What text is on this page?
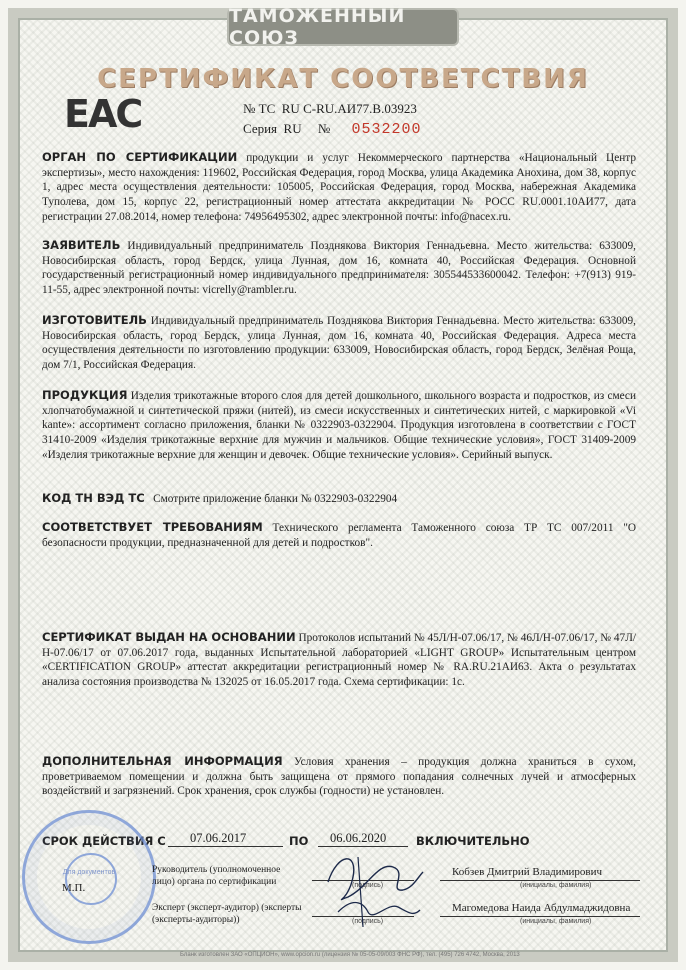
ТАМОЖЕННЫЙ СОЮЗ
СЕРТИФИКАТ СООТВЕТСТВИЯ
ЕАС	№ ТС RU C-RU.АИ77.В.03923
Серия RU № 0532200
ОРГАН ПО СЕРТИФИКАЦИИ продукции и услуг Некоммерческого партнерства «Национальный Центр экспертизы», место нахождения: 119602, Российская Федерация, город Москва, улица Академика Анохина, дом 38, корпус 1, адрес места осуществления деятельности: 105005, Российская Федерация, город Москва, набережная Академика Туполева, дом 15, корпус 22, регистрационный номер аттестата аккредитации № РОСС RU.0001.10АИ77, дата регистрации 27.08.2014, номер телефона: 74956495302, адрес электронной почты: info@nacex.ru.
ЗАЯВИТЕЛЬ Индивидуальный предприниматель Позднякова Виктория Геннадьевна. Место жительства: 633009, Новосибирская область, город Бердск, улица Лунная, дом 16, комната 40, Российская Федерация. Основной государственный регистрационный номер индивидуального предпринимателя: 305544533600042. Телефон: +7(913) 919-11-55, адрес электронной почты: vicrelly@rambler.ru.
ИЗГОТОВИТЕЛЬ Индивидуальный предприниматель Позднякова Виктория Геннадьевна. Место жительства: 633009, Новосибирская область, город Бердск, улица Лунная, дом 16, комната 40, Российская Федерация. Адреса места осуществления деятельности по изготовлению продукции: 633009, Новосибирская область, город Бердск, Зелёная Роща, дом 7/1, Российская Федерация.
ПРОДУКЦИЯ Изделия трикотажные второго слоя для детей дошкольного, школьного возраста и подростков, из смеси хлопчатобумажной и синтетической пряжи (нитей), из смеси искусственных и синтетических нитей, с маркировкой «Vi kante»: ассортимент согласно приложения, бланки № 0322903-0322904. Продукция изготовлена в соответствии с ГОСТ 31410-2009 «Изделия трикотажные верхние для мужчин и мальчиков. Общие технические условия», ГОСТ 31409-2009 «Изделия трикотажные верхние для женщин и девочек. Общие технические условия». Серийный выпуск.
КОД ТН ВЭД ТС Смотрите приложение бланки № 0322903-0322904
СООТВЕТСТВУЕТ ТРЕБОВАНИЯМ Технического регламента Таможенного союза ТР ТС 007/2011 "О безопасности продукции, предназначенной для детей и подростков".
СЕРТИФИКАТ ВЫДАН НА ОСНОВАНИИ Протоколов испытаний № 45Л/Н-07.06/17, № 46Л/Н-07.06/17, № 47Л/Н-07.06/17 от 07.06.2017 года, выданных Испытательной лабораторией «LIGHT GROUP» Испытательным центром «CERTIFICATION GROUP» аттестат аккредитации регистрационный номер № RA.RU.21АИ63. Акта о результатах анализа состояния производства № 132025 от 16.05.2017 года. Схема сертификации: 1с.
ДОПОЛНИТЕЛЬНАЯ ИНФОРМАЦИЯ Условия хранения – продукция должна храниться в сухом, проветриваемом помещении и должна быть защищена от прямого попадания солнечных лучей и атмосферных воздействий и загрязнений. Срок хранения, срок службы (годности) не установлен.
СРОК ДЕЙСТВИЯ С 07.06.2017	ПО 06.06.2020	ВКЛЮЧИТЕЛЬНО
Для документов
М.П.
Руководитель (уполномоченное лицо) органа по сертификации	(подпись)
Кобзев Дмитрий Владимирович
(инициалы, фамилия)
Эксперт (эксперт-аудитор) (эксперты (эксперты-аудиторы))	(подпись)
Магомедова Наида Абдулмаджидовна
(инициалы, фамилия)
Бланк изготовлен ЗАО «ОПЦИОН», www.opcion.ru (лицензия № 05-05-09/003 ФНС РФ), тел. (495) 726 4742, Москва, 2013
